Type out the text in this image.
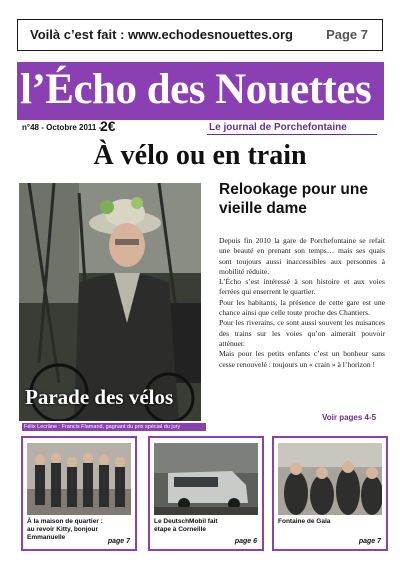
Voilà c’est fait : www.echodesnouettes.org	Page 7
l’Écho des Nouettes
n°48 - Octobre 2011 -
2€	Le journal de Porchefontaine
À vélo ou en train
Parade des vélos
Félix Lecrâne : Francis Flamand, gagnant du prix spécial du jury
Relookage pour une vieille dame

Depuis fin 2010 la gare de Porchefontaine se refait une beauté en prenant son temps… mais ses quais sont toujours aussi inaccessibles aux personnes à mobilité réduite.

L’Écho s’est intéressé à son histoire et aux voies ferrées qui enserrent le quartier.

Pour les habitants, la présence de cette gare est une chance ainsi que celle toute proche des Chantiers.

Pour les riverains, ce sont aussi souvent les nuisances des trains sur les voies qu’on aimerait pouvoir atténuer.

Mais pour les petits enfants c’est un bonheur sans cesse renouvelé : toujours un « crain » à l’horizon !

Voir pages 4-5
À la maison de quartier : au revoir Kitty, bonjour Emmanuelle
page 7
Le DeutschMobil fait étape à Corneille
page 6
Fontaine de Gaïa
page 7
